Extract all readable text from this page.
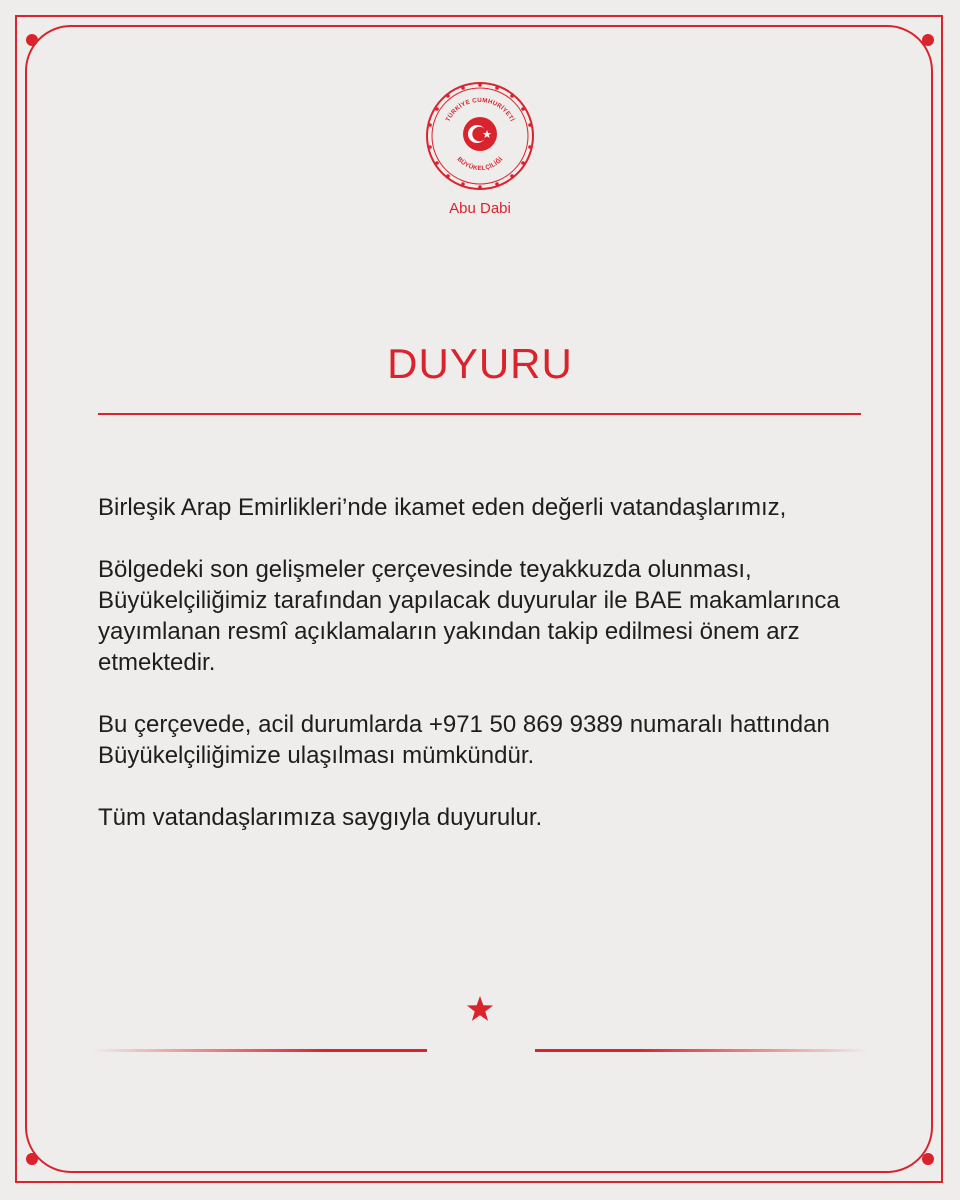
TÜRKİYE CUMHURİYETİ
BÜYÜKELÇİLİĞİ
Abu Dabi
DUYURU

Birleşik Arap Emirlikleri’nde ikamet eden değerli vatandaşlarımız,

Bölgedeki son gelişmeler çerçevesinde teyakkuzda olunması, Büyükelçiliğimiz tarafından yapılacak duyurular ile BAE makamlarınca yayımlanan resmî açıklamaların yakından takip edilmesi önem arz etmektedir.

Bu çerçevede, acil durumlarda +971 50 869 9389 numaralı hattından Büyükelçiliğimize ulaşılması mümkündür.

Tüm vatandaşlarımıza saygıyla duyurulur.
